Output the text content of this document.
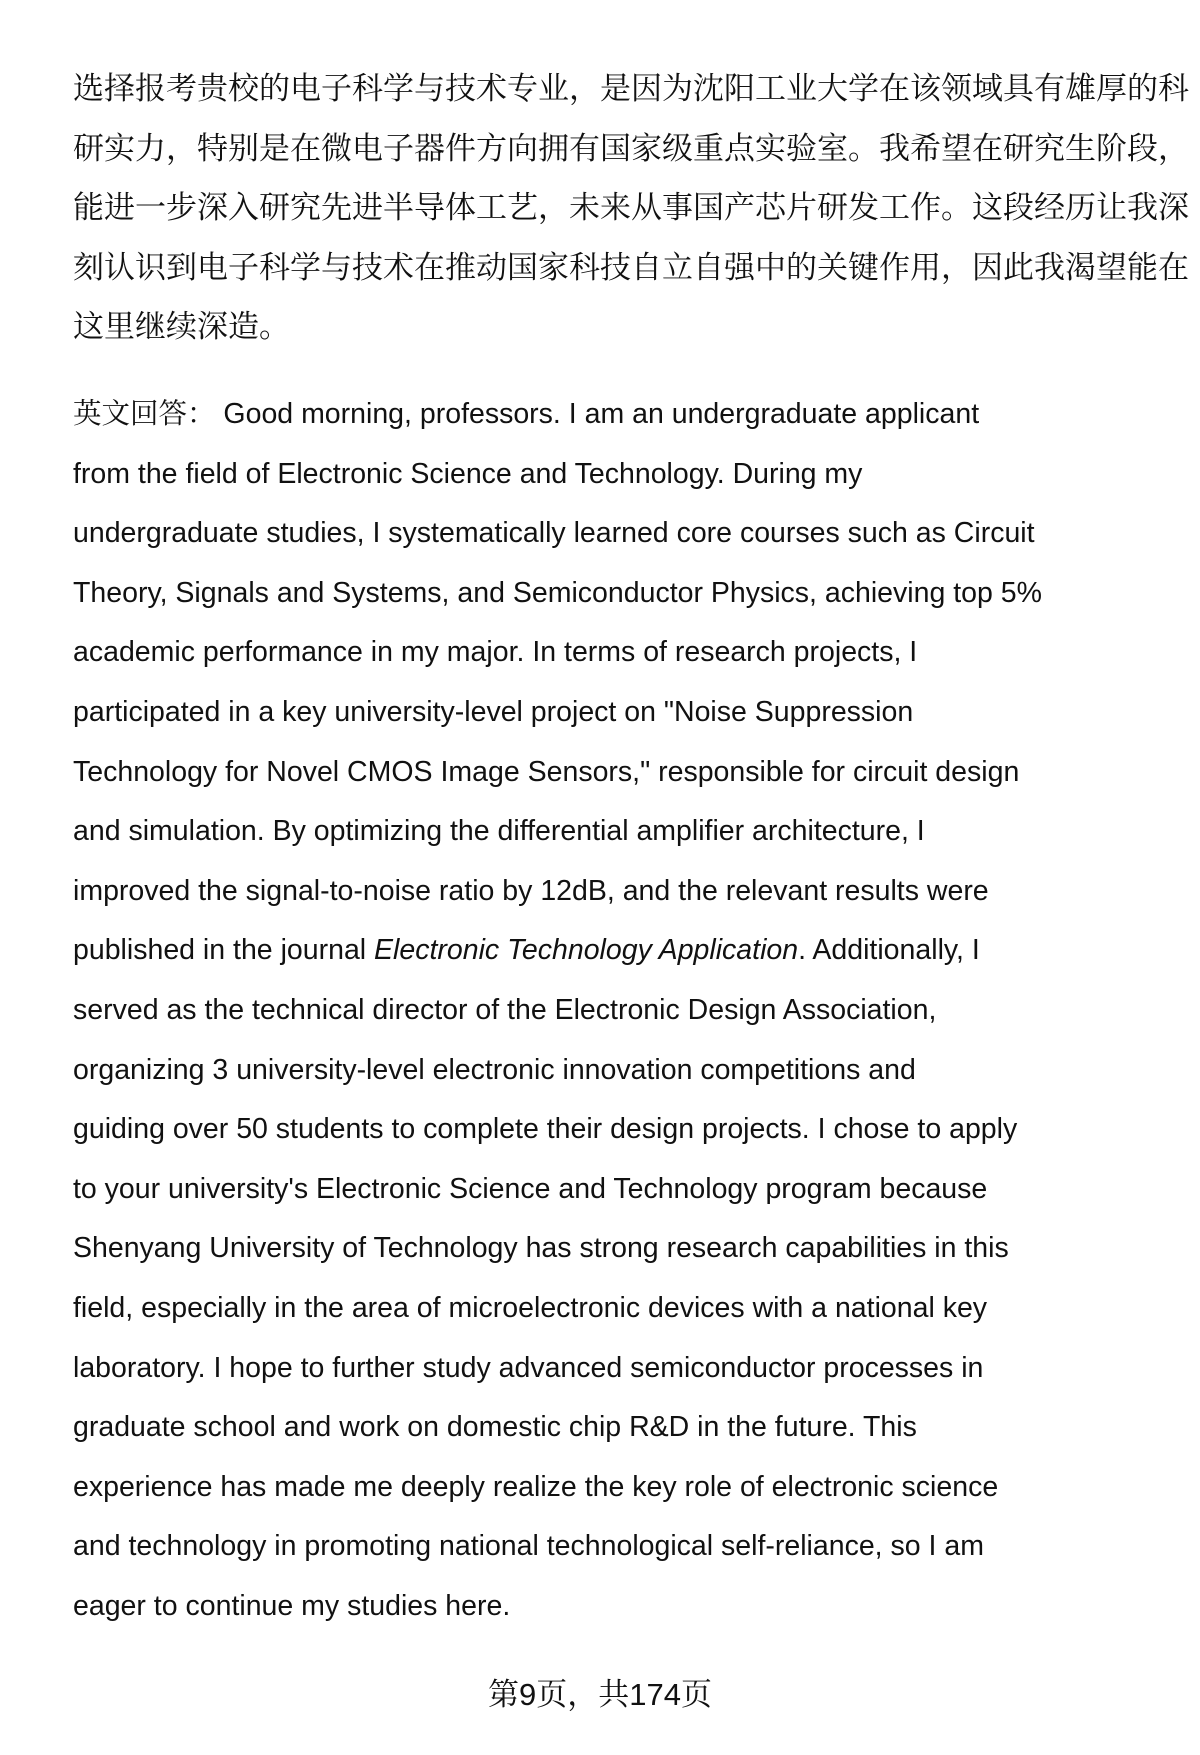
选择报考贵校的电子科学与技术专业，是因为沈阳工业大学在该领域具有雄厚的科
研实力，特别是在微电子器件方向拥有国家级重点实验室。我希望在研究生阶段，
能进一步深入研究先进半导体工艺，未来从事国产芯片研发工作。这段经历让我深
刻认识到电子科学与技术在推动国家科技自立自强中的关键作用，因此我渴望能在
这里继续深造。
英文回答： Good morning, professors. I am an undergraduate applicant
from the field of Electronic Science and Technology. During my
undergraduate studies, I systematically learned core courses such as Circuit
Theory, Signals and Systems, and Semiconductor Physics, achieving top 5%
academic performance in my major. In terms of research projects, I
participated in a key university-level project on "Noise Suppression
Technology for Novel CMOS Image Sensors," responsible for circuit design
and simulation. By optimizing the differential amplifier architecture, I
improved the signal-to-noise ratio by 12dB, and the relevant results were
published in the journal Electronic Technology Application. Additionally, I
served as the technical director of the Electronic Design Association,
organizing 3 university-level electronic innovation competitions and
guiding over 50 students to complete their design projects. I chose to apply
to your university's Electronic Science and Technology program because
Shenyang University of Technology has strong research capabilities in this
field, especially in the area of microelectronic devices with a national key
laboratory. I hope to further study advanced semiconductor processes in
graduate school and work on domestic chip R&D in the future. This
experience has made me deeply realize the key role of electronic science
and technology in promoting national technological self-reliance, so I am
eager to continue my studies here.
第9页，共174页
